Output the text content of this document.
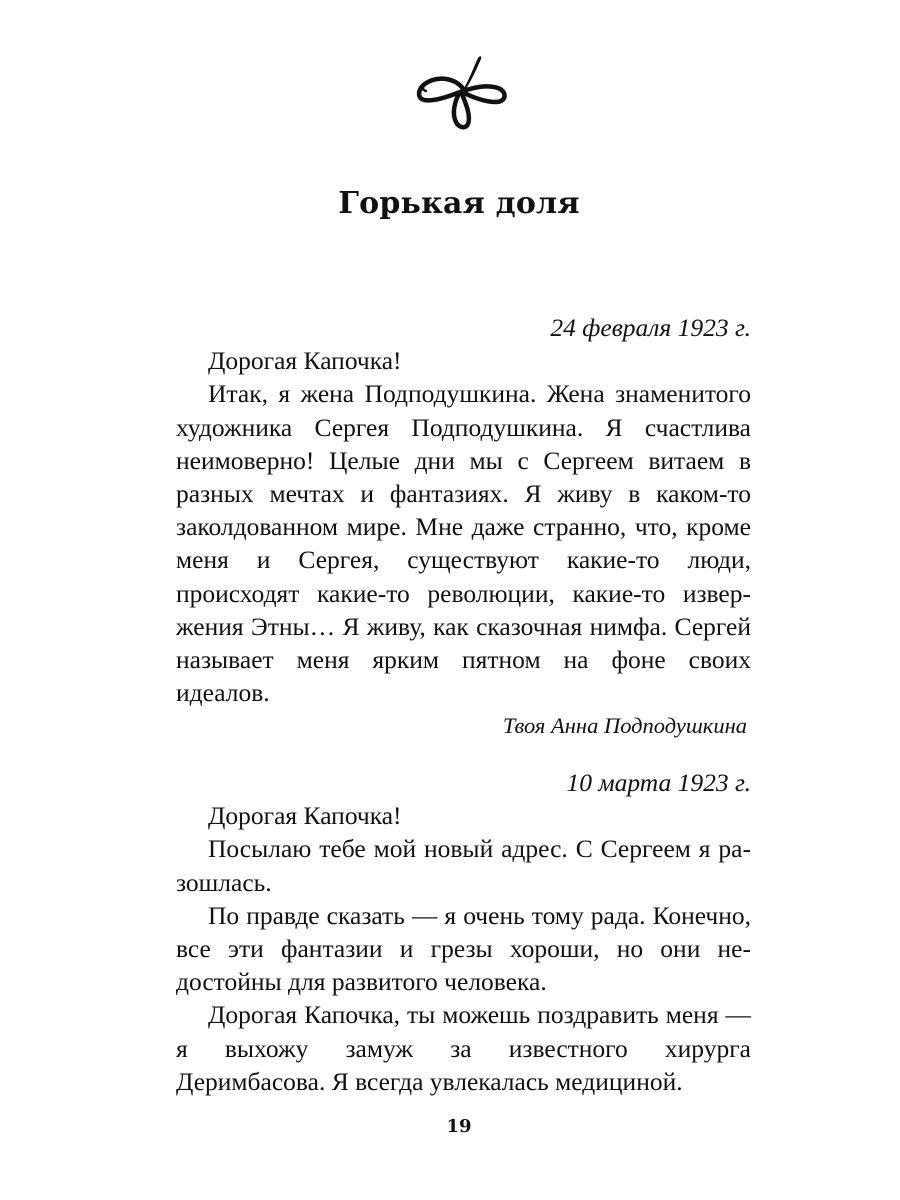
Горькая доля
24 февраля 1923 г.

Дорогая Капочка!

Итак, я жена Подподушкина. Жена знаменитого художника Сергея Подподушкина. Я счастлива неимоверно! Целые дни мы с Сергеем витаем в разных мечтах и фантазиях. Я живу в каком-то заколдованном мире. Мне даже странно, что, кроме меня и Сергея, существуют какие-то люди, происходят какие-то революции, какие-то извержения Этны… Я живу, как сказочная нимфа. Сергей называет меня ярким пятном на фоне своих идеалов.

Твоя Анна Подподушкина
10 марта 1923 г.

Дорогая Капочка!

Посылаю тебе мой новый адрес. С Сергеем я разошлась.

По правде сказать — я очень тому рада. Конечно, все эти фантазии и грезы хороши, но они недостойны для развитого человека.

Дорогая Капочка, ты можешь поздравить меня — я выхожу замуж за известного хирурга Деримбасова. Я всегда увлекалась медициной.

19
